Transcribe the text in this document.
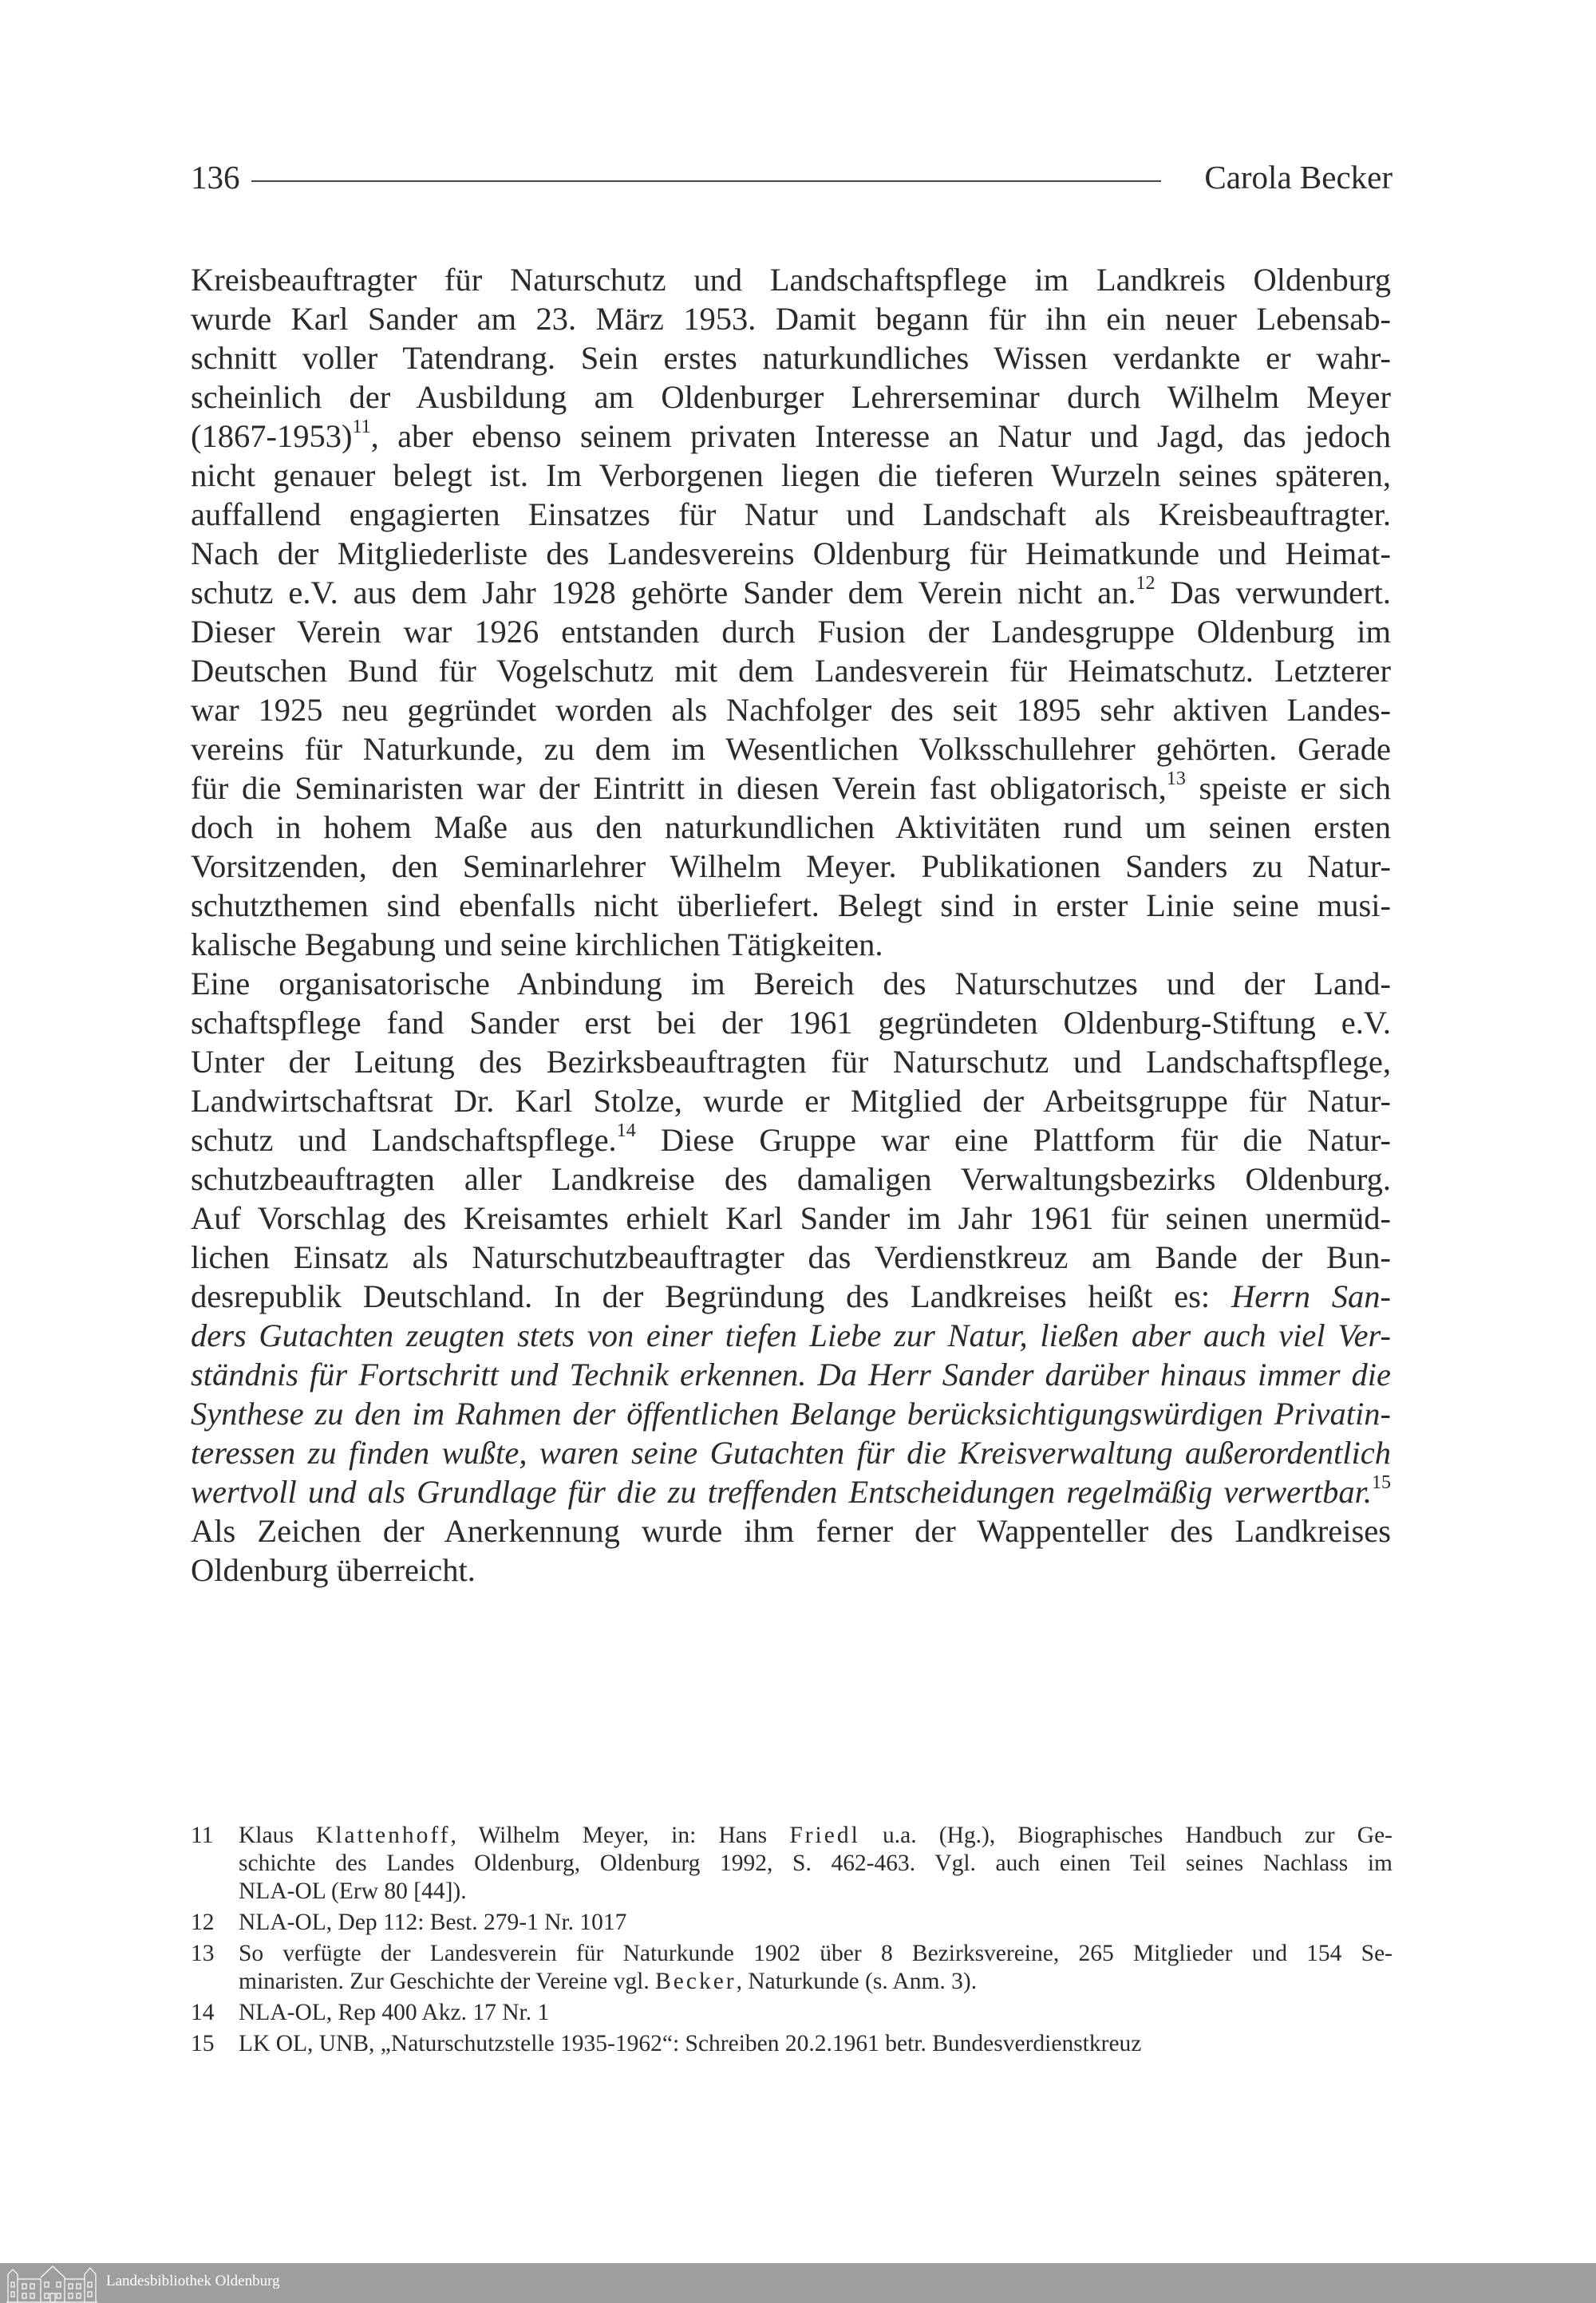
136	Carola Becker
Kreisbeauftragter für Naturschutz und Landschaftspflege im Landkreis Oldenburg
wurde Karl Sander am 23. März 1953. Damit begann für ihn ein neuer Lebensab-
schnitt voller Tatendrang. Sein erstes naturkundliches Wissen verdankte er wahr-
scheinlich der Ausbildung am Oldenburger Lehrerseminar durch Wilhelm Meyer
(1867-1953)$^{11}$, aber ebenso seinem privaten Interesse an Natur und Jagd, das jedoch
nicht genauer belegt ist. Im Verborgenen liegen die tieferen Wurzeln seines späteren,
auffallend engagierten Einsatzes für Natur und Landschaft als Kreisbeauftragter.
Nach der Mitgliederliste des Landesvereins Oldenburg für Heimatkunde und Heimat-
schutz e.V. aus dem Jahr 1928 gehörte Sander dem Verein nicht an.$^{12}$ Das verwundert.
Dieser Verein war 1926 entstanden durch Fusion der Landesgruppe Oldenburg im
Deutschen Bund für Vogelschutz mit dem Landesverein für Heimatschutz. Letzterer
war 1925 neu gegründet worden als Nachfolger des seit 1895 sehr aktiven Landes-
vereins für Naturkunde, zu dem im Wesentlichen Volksschullehrer gehörten. Gerade
für die Seminaristen war der Eintritt in diesen Verein fast obligatorisch,$^{13}$ speiste er sich
doch in hohem Maße aus den naturkundlichen Aktivitäten rund um seinen ersten
Vorsitzenden, den Seminarlehrer Wilhelm Meyer. Publikationen Sanders zu Natur-
schutzthemen sind ebenfalls nicht überliefert. Belegt sind in erster Linie seine musi-
kalische Begabung und seine kirchlichen Tätigkeiten.
Eine organisatorische Anbindung im Bereich des Naturschutzes und der Land-
schaftspflege fand Sander erst bei der 1961 gegründeten Oldenburg-Stiftung e.V.
Unter der Leitung des Bezirksbeauftragten für Naturschutz und Landschaftspflege,
Landwirtschaftsrat Dr. Karl Stolze, wurde er Mitglied der Arbeitsgruppe für Natur-
schutz und Landschaftspflege.$^{14}$ Diese Gruppe war eine Plattform für die Natur-
schutzbeauftragten aller Landkreise des damaligen Verwaltungsbezirks Oldenburg.
Auf Vorschlag des Kreisamtes erhielt Karl Sander im Jahr 1961 für seinen unermüd-
lichen Einsatz als Naturschutzbeauftragter das Verdienstkreuz am Bande der Bun-
desrepublik Deutschland. In der Begründung des Landkreises heißt es: Herrn San-
ders Gutachten zeugten stets von einer tiefen Liebe zur Natur, ließen aber auch viel Ver-
ständnis für Fortschritt und Technik erkennen. Da Herr Sander darüber hinaus immer die
Synthese zu den im Rahmen der öffentlichen Belange berücksichtigungswürdigen Privatin-
teressen zu finden wußte, waren seine Gutachten für die Kreisverwaltung außerordentlich
wertvoll und als Grundlage für die zu treffenden Entscheidungen regelmäßig verwertbar.$^{15}$
Als Zeichen der Anerkennung wurde ihm ferner der Wappenteller des Landkreises
Oldenburg überreicht.
11 Klaus Klattenhoff, Wilhelm Meyer, in: Hans Friedl u.a. (Hg.), Biographisches Handbuch zur Ge-
schichte des Landes Oldenburg, Oldenburg 1992, S. 462-463. Vgl. auch einen Teil seines Nachlass im
NLA-OL (Erw 80 [44]).
12 NLA-OL, Dep 112: Best. 279-1 Nr. 1017
13 So verfügte der Landesverein für Naturkunde 1902 über 8 Bezirksvereine, 265 Mitglieder und 154 Se-
minaristen. Zur Geschichte der Vereine vgl. Becker, Naturkunde (s. Anm. 3).
14 NLA-OL, Rep 400 Akz. 17 Nr. 1
15 LK OL, UNB, „Naturschutzstelle 1935-1962“: Schreiben 20.2.1961 betr. Bundesverdienstkreuz
Landesbibliothek Oldenburg
